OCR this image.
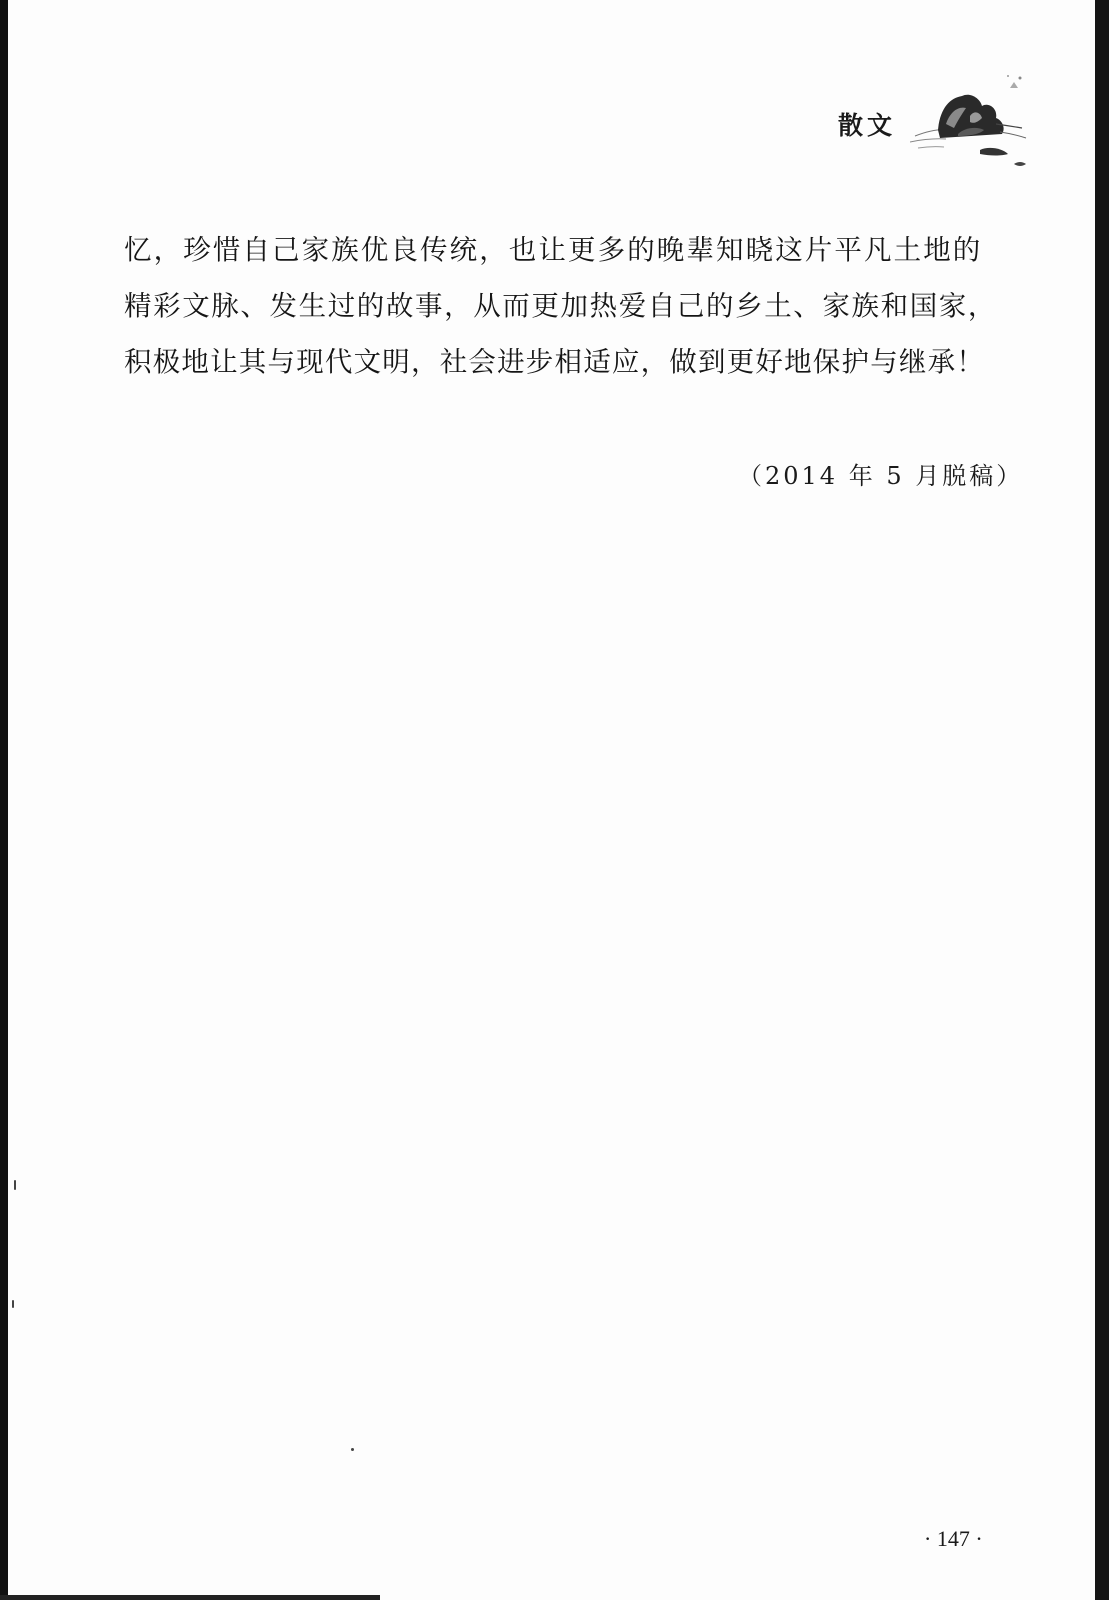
散文
忆，珍惜自己家族优良传统，也让更多的晚辈知晓这片平凡土地的
精彩文脉、发生过的故事，从而更加热爱自己的乡土、家族和国家，
积极地让其与现代文明，社会进步相适应，做到更好地保护与继承！
（2014 年 5 月脱稿）
· 147 ·
